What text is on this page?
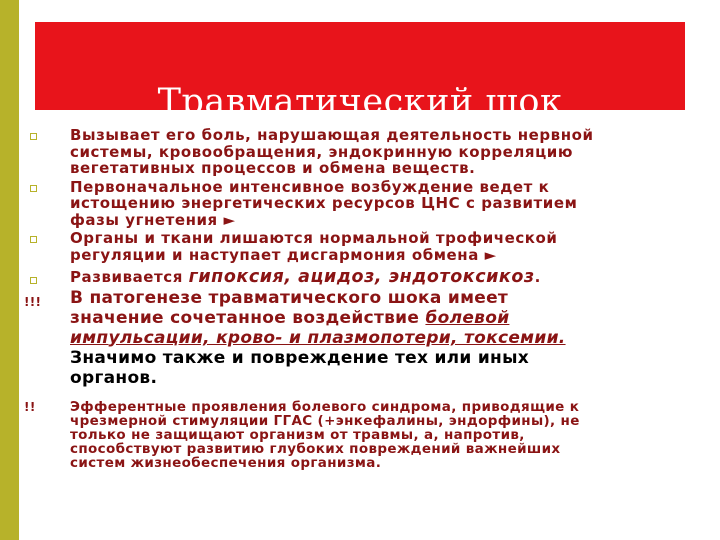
Травматический шок
Вызывает его боль, нарушающая деятельность нервной
системы, кровообращения, эндокринную корреляцию
вегетативных процессов и обмена веществ.
Первоначальное интенсивное возбуждение ведет к
истощению энергетических ресурсов ЦНС с развитием
фазы угнетения ►
Органы и ткани лишаются нормальной трофической
регуляции и наступает дисгармония обмена ►
Развивается гипоксия, ацидоз, эндотоксикоз.
!!! В патогенезе травматического шока имеет
значение сочетанное воздействие болевой
импульсации, крово- и плазмопотери, токсемии.
Значимо также и повреждение тех или иных
органов.
!!	Эфферентные проявления болевого синдрома, приводящие к
чрезмерной стимуляции ГГАС (+энкефалины, эндорфины), не
только не защищают организм от травмы, а, напротив,
способствуют развитию глубоких повреждений важнейших
систем жизнеобеспечения организма.
